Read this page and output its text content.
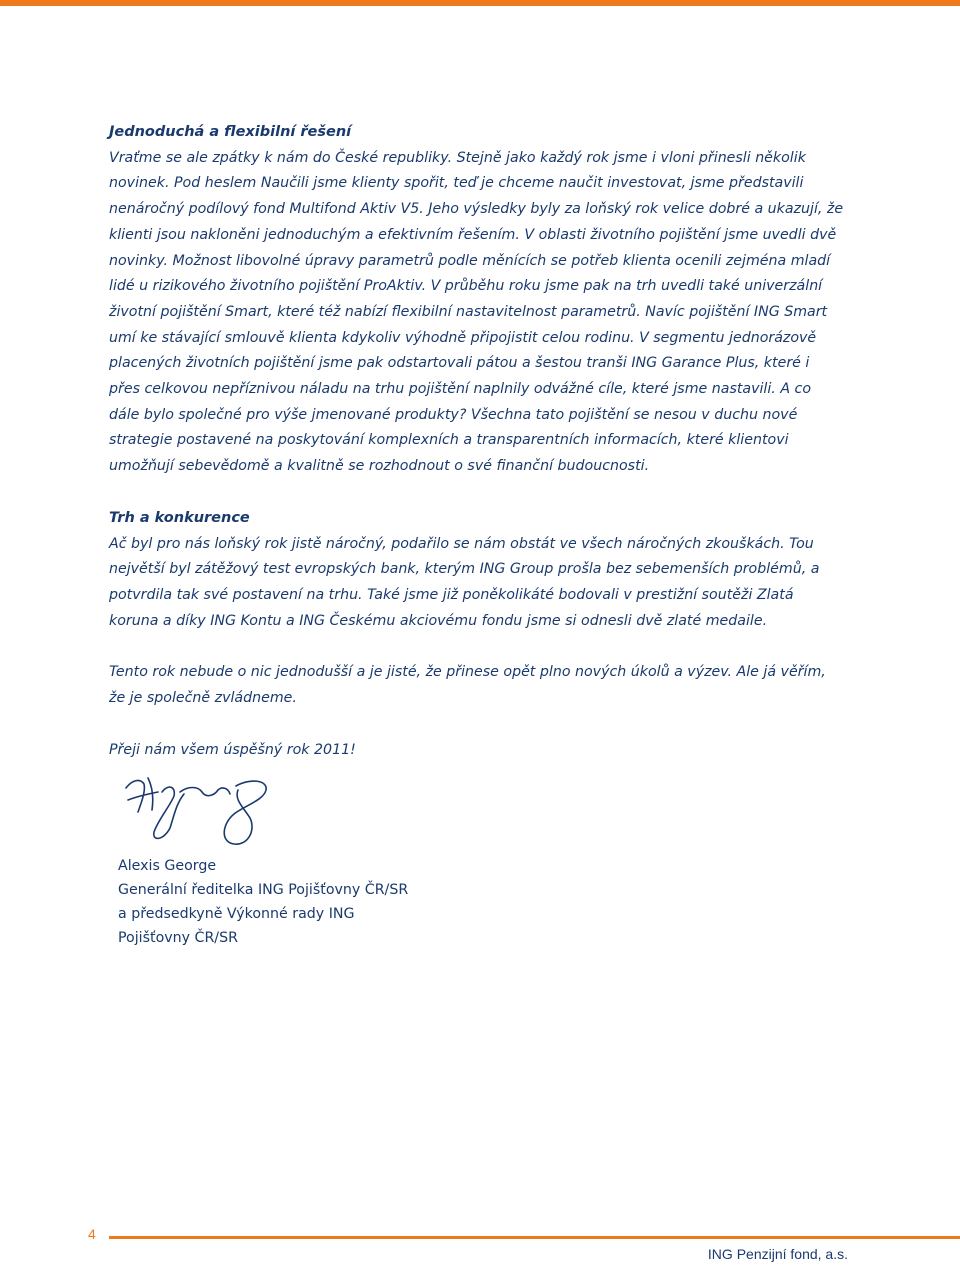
Jednoduchá a flexibilní řešení

Vraťme se ale zpátky k nám do České republiky. Stejně jako každý rok jsme i vloni přinesli několik novinek. Pod heslem Naučili jsme klienty spořit, teď je chceme naučit investovat, jsme představili nenáročný podílový fond Multifond Aktiv V5. Jeho výsledky byly za loňský rok velice dobré a ukazují, že klienti jsou nakloněni jednoduchým a efektivním řešením. V oblasti životního pojištění jsme uvedli dvě novinky. Možnost libovolné úpravy parametrů podle měnících se potřeb klienta ocenili zejména mladí lidé u rizikového životního pojištění ProAktiv. V průběhu roku jsme pak na trh uvedli také univerzální životní pojištění Smart, které též nabízí flexibilní nastavitelnost parametrů. Navíc pojištění ING Smart umí ke stávající smlouvě klienta kdykoliv výhodně připojistit celou rodinu. V segmentu jednorázově placených životních pojištění jsme pak odstartovali pátou a šestou tranši ING Garance Plus, které i přes celkovou nepříznivou náladu na trhu pojištění naplnily odvážné cíle, které jsme nastavili. A co dále bylo společné pro výše jmenované produkty? Všechna tato pojištění se nesou v duchu nové strategie postavené na poskytování komplexních a transparentních informacích, které klientovi umožňují sebevědomě a kvalitně se rozhodnout o své finanční budoucnosti.

Trh a konkurence

Ač byl pro nás loňský rok jistě náročný, podařilo se nám obstát ve všech náročných zkouškách. Tou největší byl zátěžový test evropských bank, kterým ING Group prošla bez sebemenších problémů, a potvrdila tak své postavení na trhu. Také jsme již poněkolikáté bodovali v prestižní soutěži Zlatá koruna a díky ING Kontu a ING Českému akciovému fondu jsme si odnesli dvě zlaté medaile.

Tento rok nebude o nic jednodušší a je jisté, že přinese opět plno nových úkolů a výzev. Ale já věřím, že je společně zvládneme.

Přeji nám všem úspěšný rok 2011!

Alexis George
Generální ředitelka ING Pojišťovny ČR/SR
a předsedkyně Výkonné rady ING
Pojišťovny ČR/SR
4
ING Penzijní fond, a.s.
